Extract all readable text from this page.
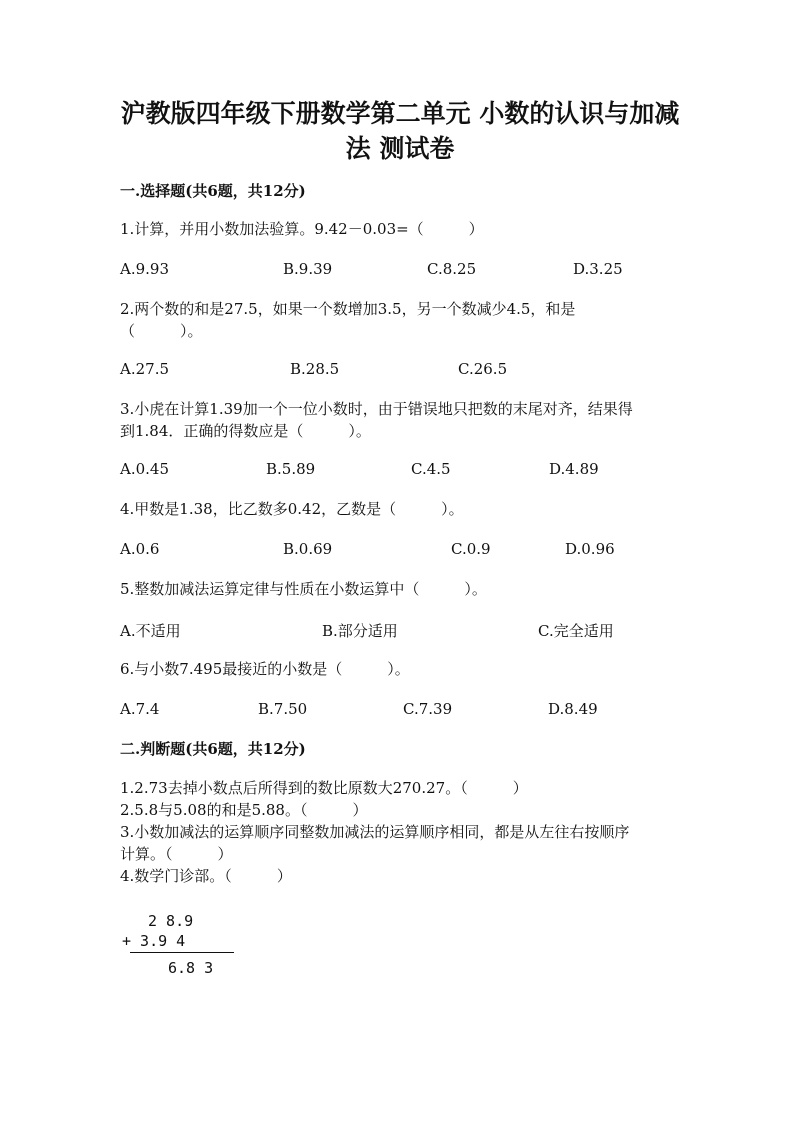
沪教版四年级下册数学第二单元 小数的认识与加减
法 测试卷
一.选择题(共6题，共12分)
1.计算，并用小数加法验算。9.42－0.03=（　　　）
A.9.93	B.9.39	C.8.25	D.3.25
2.两个数的和是27.5，如果一个数增加3.5，另一个数减少4.5，和是
（　　　）。
A.27.5	B.28.5	C.26.5
3.小虎在计算1.39加一个一位小数时，由于错误地只把数的末尾对齐，结果得
到1.84．正确的得数应是（　　　）。
A.0.45	B.5.89	C.4.5	D.4.89
4.甲数是1.38，比乙数多0.42，乙数是（　　　）。
A.0.6	B.0.69	C.0.9	D.0.96
5.整数加减法运算定律与性质在小数运算中（　　　）。
A.不适用	B.部分适用	C.完全适用
6.与小数7.495最接近的小数是（　　　）。
A.7.4	B.7.50	C.7.39	D.8.49
二.判断题(共6题，共12分)
1.2.73去掉小数点后所得到的数比原数大270.27。（　　　）
2.5.8与5.08的和是5.88。（　　　）
3.小数加减法的运算顺序同整数加减法的运算顺序相同，都是从左往右按顺序
计算。（　　　）
4.数学门诊部。（　　　）
2 8.9
+ 3.9 4
6.8 3
